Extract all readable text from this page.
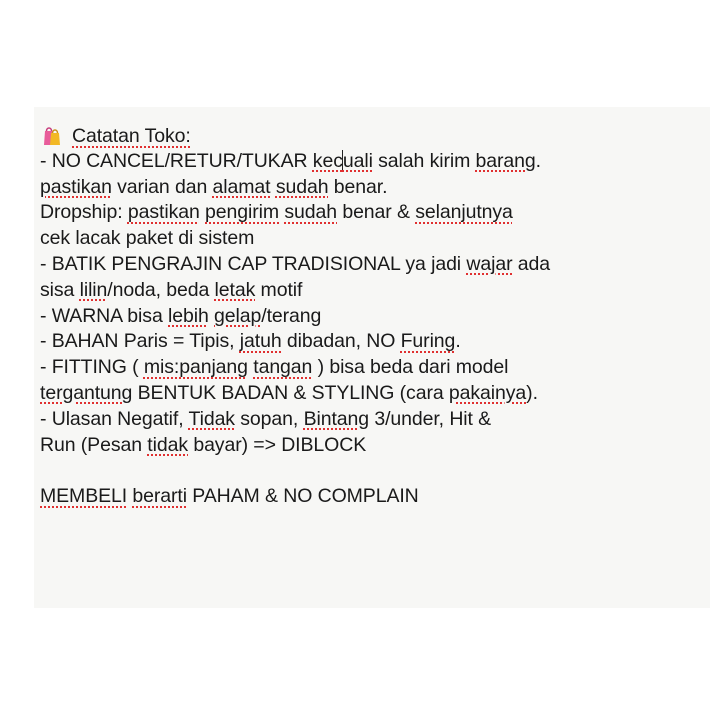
Catatan Toko:
- NO CANCEL/RETUR/TUKAR kecuali salah kirim barang.
pastikan varian dan alamat sudah benar.
Dropship: pastikan pengirim sudah benar & selanjutnya
cek lacak paket di sistem
- BATIK PENGRAJIN CAP TRADISIONAL ya jadi wajar ada
sisa lilin/noda, beda letak motif
- WARNA bisa lebih gelap/terang
- BAHAN Paris = Tipis, jatuh dibadan, NO Furing.
- FITTING ( mis:panjang tangan ) bisa beda dari model
tergantung BENTUK BADAN & STYLING (cara pakainya).
- Ulasan Negatif, Tidak sopan, Bintang 3/under, Hit &
Run (Pesan tidak bayar) => DIBLOCK
MEMBELI berarti PAHAM & NO COMPLAIN
